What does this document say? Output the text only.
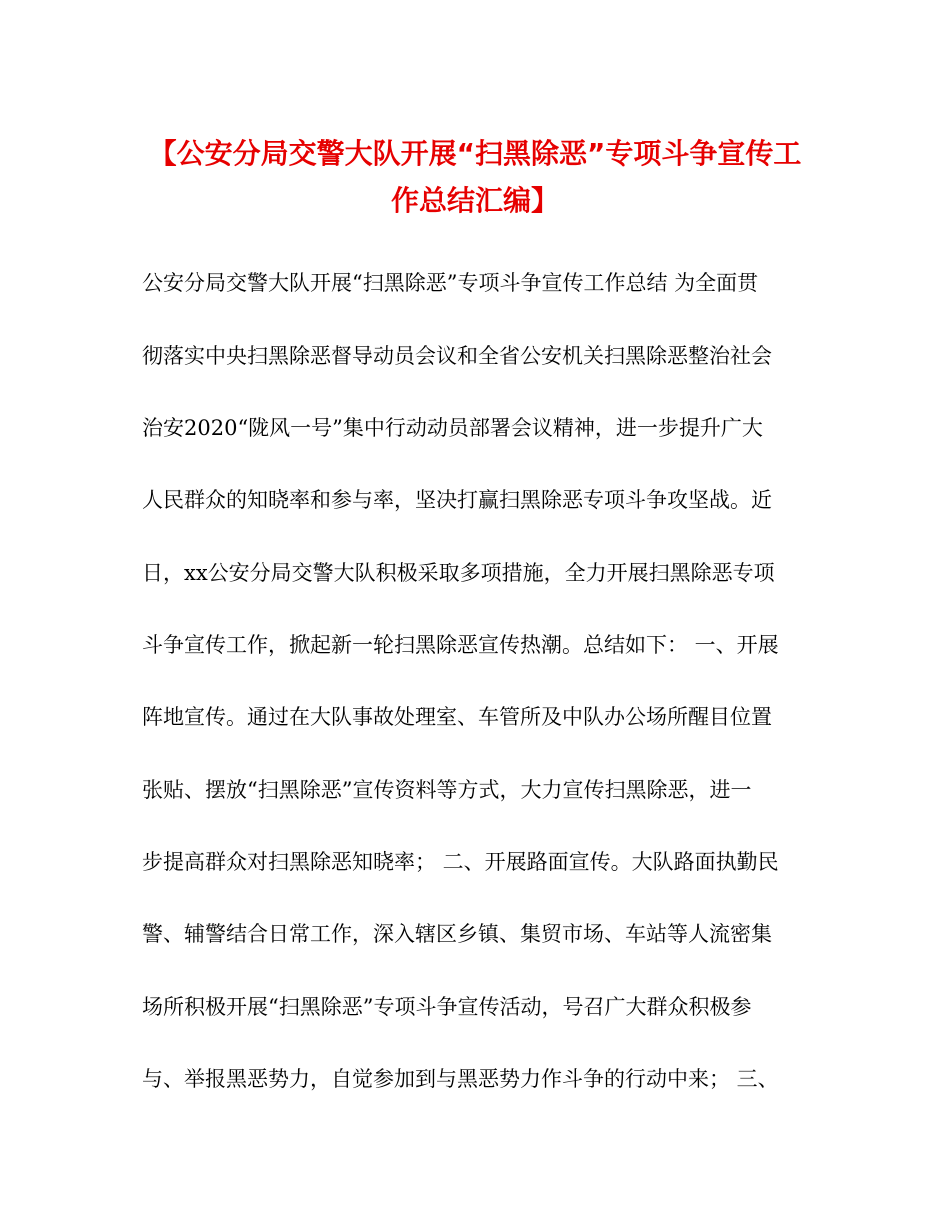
【公安分局交警大队开展“扫黑除恶”专项斗争宣传工
作总结汇编】
公安分局交警大队开展“扫黑除恶”专项斗争宣传工作总结 为全面贯
彻落实中央扫黑除恶督导动员会议和全省公安机关扫黑除恶整治社会
治安2020“陇风一号”集中行动动员部署会议精神，进一步提升广大
人民群众的知晓率和参与率，坚决打赢扫黑除恶专项斗争攻坚战。近
日，xx公安分局交警大队积极采取多项措施，全力开展扫黑除恶专项
斗争宣传工作，掀起新一轮扫黑除恶宣传热潮。总结如下： 一、开展
阵地宣传。通过在大队事故处理室、车管所及中队办公场所醒目位置
张贴、摆放“扫黑除恶”宣传资料等方式，大力宣传扫黑除恶，进一
步提高群众对扫黑除恶知晓率； 二、开展路面宣传。大队路面执勤民
警、辅警结合日常工作，深入辖区乡镇、集贸市场、车站等人流密集
场所积极开展“扫黑除恶”专项斗争宣传活动，号召广大群众积极参
与、举报黑恶势力，自觉参加到与黑恶势力作斗争的行动中来； 三、
